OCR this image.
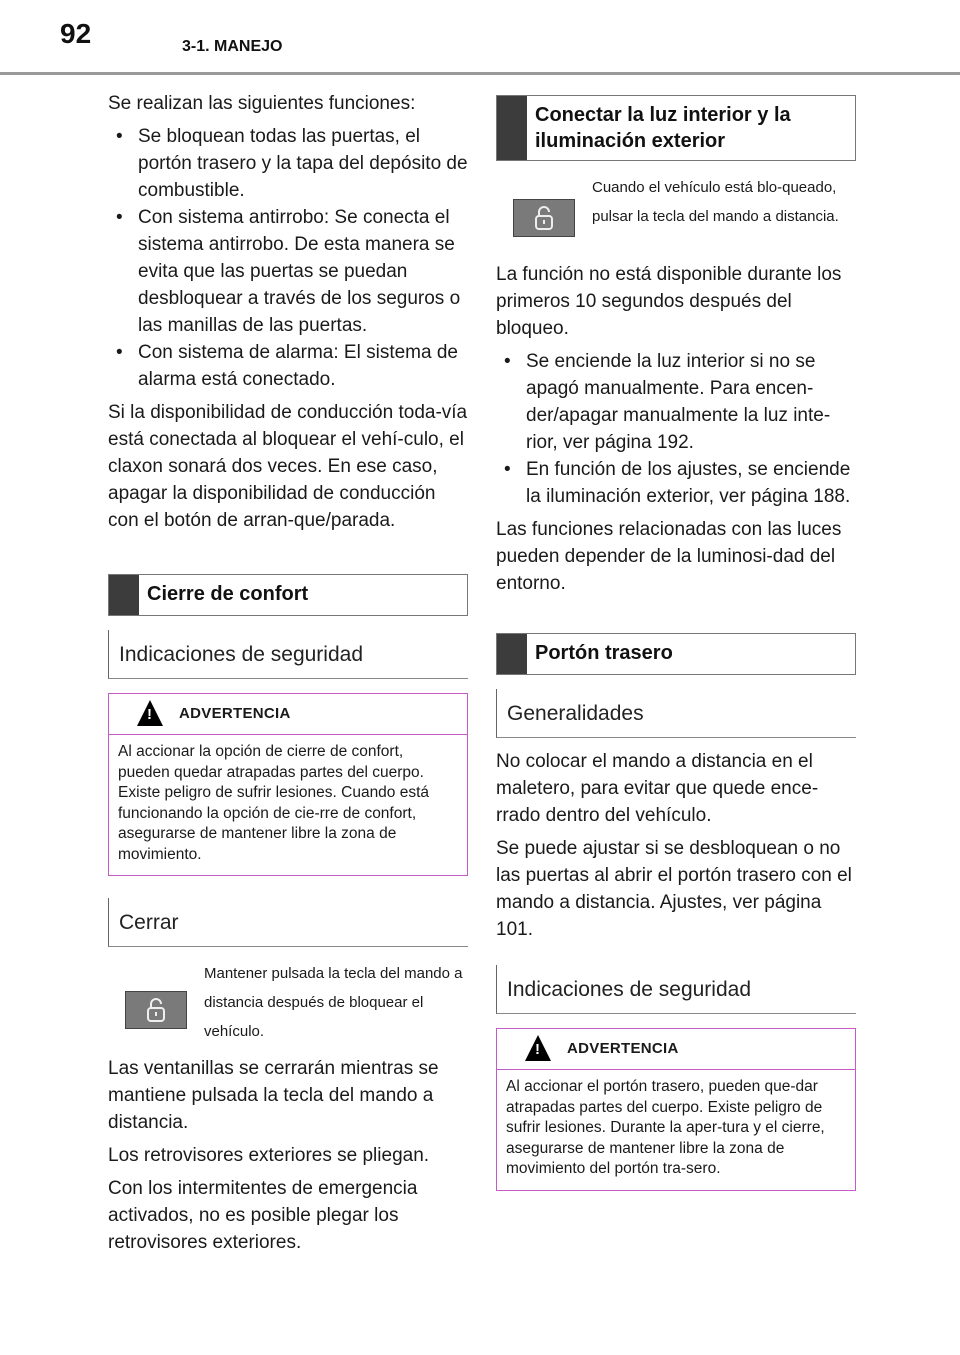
92	3-1. MANEJO

Se realizan las siguientes funciones:

• Se bloquean todas las puertas, el portón trasero y la tapa del depósito de combustible.
• Con sistema antirrobo: Se conecta el sistema antirrobo. De esta manera se evita que las puertas se puedan desbloquear a través de los seguros o las manillas de las puertas.
• Con sistema de alarma: El sistema de alarma está conectado.

Si la disponibilidad de conducción toda-vía está conectada al bloquear el vehí-culo, el claxon sonará dos veces. En ese caso, apagar la disponibilidad de conducción con el botón de arran-que/parada.

Cierre de confort
Indicaciones de seguridad
! ADVERTENCIA
Al accionar la opción de cierre de confort, pueden quedar atrapadas partes del cuerpo. Existe peligro de sufrir lesiones. Cuando está funcionando la opción de cie-rre de confort, asegurarse de mantener libre la zona de movimiento.
Cerrar
Mantener pulsada la tecla del mando a distancia después de bloquear el vehículo.

Las ventanillas se cerrarán mientras se mantiene pulsada la tecla del mando a distancia.

Los retrovisores exteriores se pliegan.

Con los intermitentes de emergencia activados, no es posible plegar los retrovisores exteriores.

Conectar la luz interior y la iluminación exterior
Cuando el vehículo está blo-queado, pulsar la tecla del mando a distancia.

La función no está disponible durante los primeros 10 segundos después del bloqueo.

• Se enciende la luz interior si no se apagó manualmente. Para encen-der/apagar manualmente la luz inte-rior, ver página 192.
• En función de los ajustes, se enciende la iluminación exterior, ver página 188.

Las funciones relacionadas con las luces pueden depender de la luminosi-dad del entorno.

Portón trasero
Generalidades

No colocar el mando a distancia en el maletero, para evitar que quede ence-rrado dentro del vehículo.

Se puede ajustar si se desbloquean o no las puertas al abrir el portón trasero con el mando a distancia. Ajustes, ver página 101.

Indicaciones de seguridad
! ADVERTENCIA
Al accionar el portón trasero, pueden que-dar atrapadas partes del cuerpo. Existe peligro de sufrir lesiones. Durante la aper-tura y el cierre, asegurarse de mantener libre la zona de movimiento del portón tra-sero.
